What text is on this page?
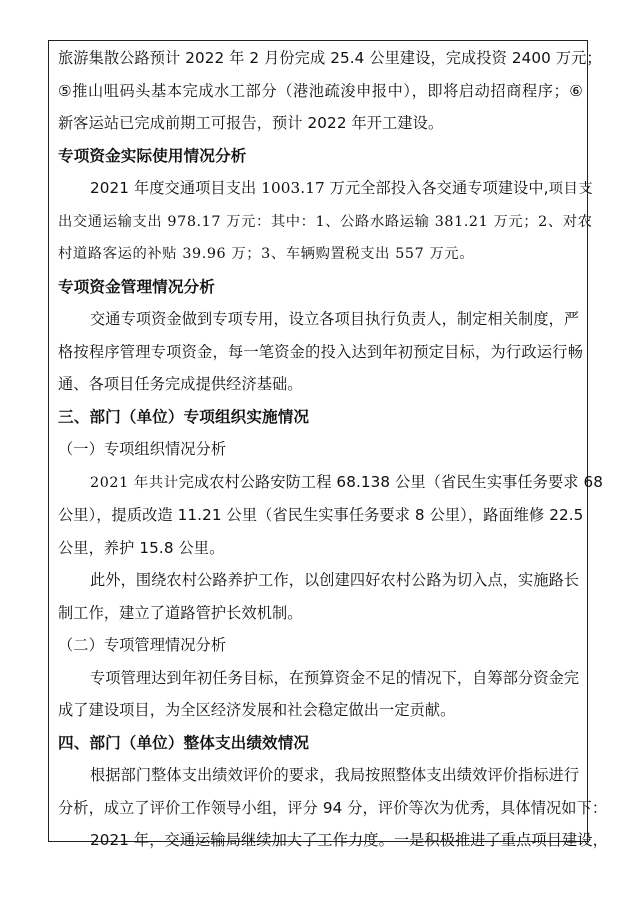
旅游集散公路预计 2022 年 2 月份完成 25.4 公里建设，完成投资 2400 万元；
⑤推山咀码头基本完成水工部分（港池疏浚申报中），即将启动招商程序；⑥
新客运站已完成前期工可报告，预计 2022 年开工建设。
专项资金实际使用情况分析
2021 年度交通项目支出 1003.17 万元全部投入各交通专项建设中,项目支
出交通运输支出 978.17 万元：其中：1、公路水路运输 381.21 万元；2、对农
村道路客运的补贴 39.96 万；3、车辆购置税支出 557 万元。
专项资金管理情况分析
交通专项资金做到专项专用，设立各项目执行负责人，制定相关制度，严
格按程序管理专项资金，每一笔资金的投入达到年初预定目标，为行政运行畅
通、各项目任务完成提供经济基础。
三、部门（单位）专项组织实施情况
（一）专项组织情况分析
2021 年共计完成农村公路安防工程 68.138 公里（省民生实事任务要求 68
公里），提质改造 11.21 公里（省民生实事任务要求 8 公里），路面维修 22.5
公里，养护 15.8 公里。
此外，围绕农村公路养护工作，以创建四好农村公路为切入点，实施路长
制工作，建立了道路管护长效机制。
（二）专项管理情况分析
专项管理达到年初任务目标，在预算资金不足的情况下，自筹部分资金完
成了建设项目，为全区经济发展和社会稳定做出一定贡献。
四、部门（单位）整体支出绩效情况
根据部门整体支出绩效评价的要求，我局按照整体支出绩效评价指标进行
分析，成立了评价工作领导小组，评分 94 分，评价等次为优秀，具体情况如下：
2021 年，交通运输局继续加大了工作力度。一是积极推进了重点项目建设，
